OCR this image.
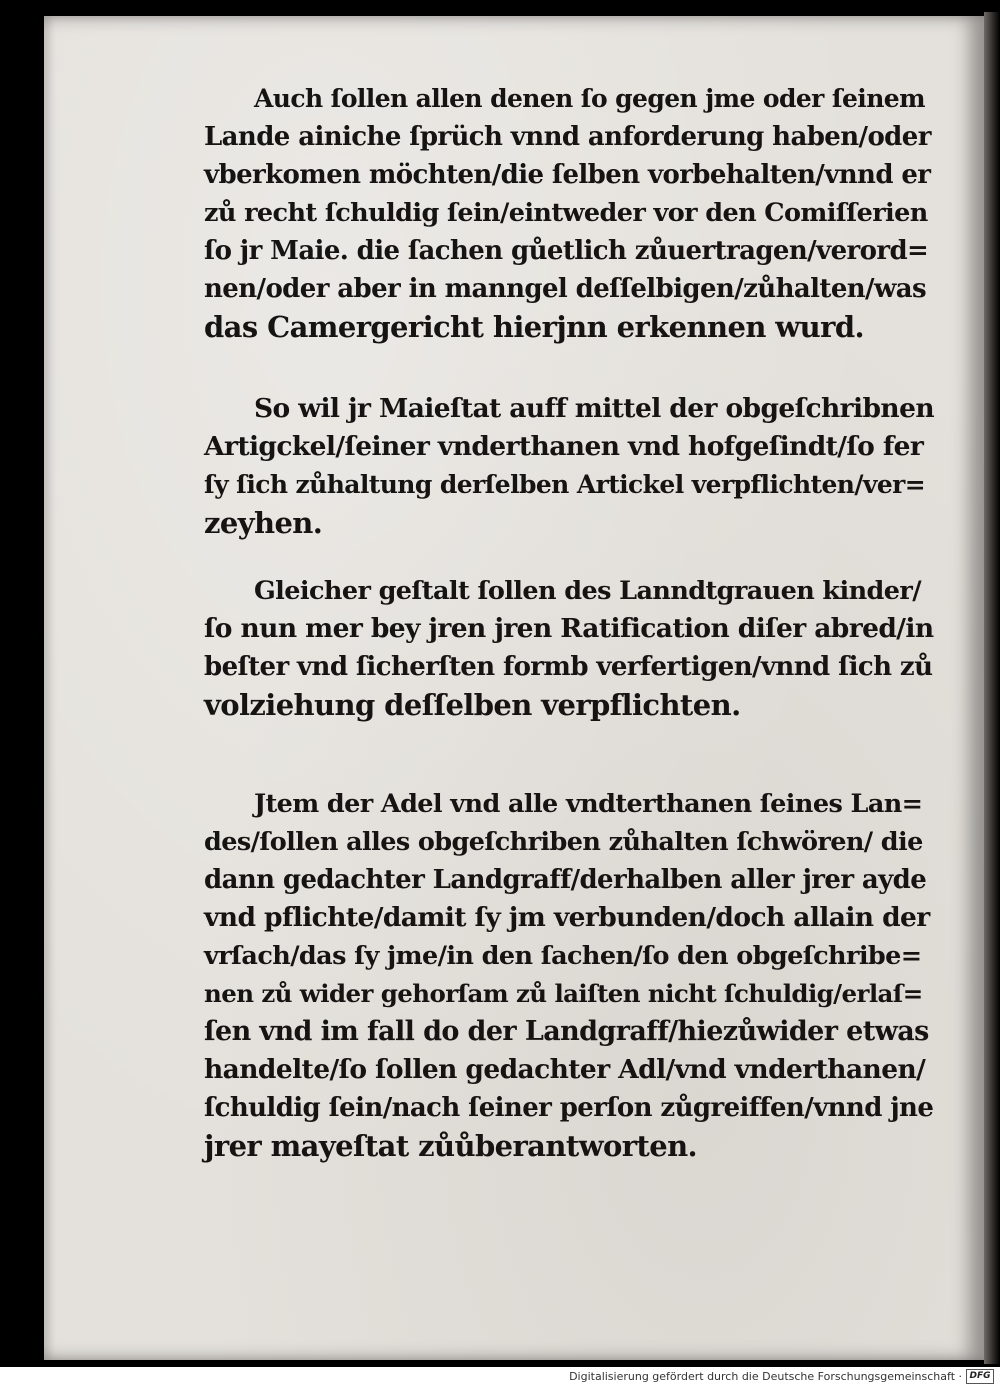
Auch ſollen allen denen ſo gegen jme oder ſeinem
Lande ainiche ſprüch vnnd anforderung haben/oder
vberkomen möchten/die ſelben vorbehalten/vnnd er
zů recht ſchuldig ſein/eintweder vor den Comiſſerien
ſo jr Maie. die ſachen gůetlich zůuertragen/verord=
nen/oder aber in manngel deſſelbigen/zůhalten/was
das Camergericht hierjnn erkennen wurd.
So wil jr Maieſtat auff mittel der obgeſchribnen
Artigckel/ſeiner vnderthanen vnd hofgeſindt/ſo fer
ſy ſich zůhaltung derſelben Artickel verpflichten/ver=
zeyhen.
Gleicher geſtalt ſollen des Lanndtgrauen kinder/
ſo nun mer bey jren jren Ratification diſer abred/in
beſter vnd ſicherſten formb verfertigen/vnnd ſich zů
volziehung deſſelben verpflichten.
Jtem der Adel vnd alle vndterthanen ſeines Lan=
des/ſollen alles obgeſchriben zůhalten ſchwören/ die
dann gedachter Landgraff/derhalben aller jrer ayde
vnd pflichte/damit ſy jm verbunden/doch allain der
vrſach/das ſy jme/in den ſachen/ſo den obgeſchribe=
nen zů wider gehorſam zů laiſten nicht ſchuldig/erlaſ=
ſen vnd im fall do der Landgraff/hiezůwider etwas
handelte/ſo ſollen gedachter Adl/vnd vnderthanen/
ſchuldig ſein/nach ſeiner perſon zůgreiffen/vnnd jne
jrer mayeſtat zůůberantworten.
Digitalisierung gefördert durch die Deutsche Forschungsgemeinschaft · DFG
